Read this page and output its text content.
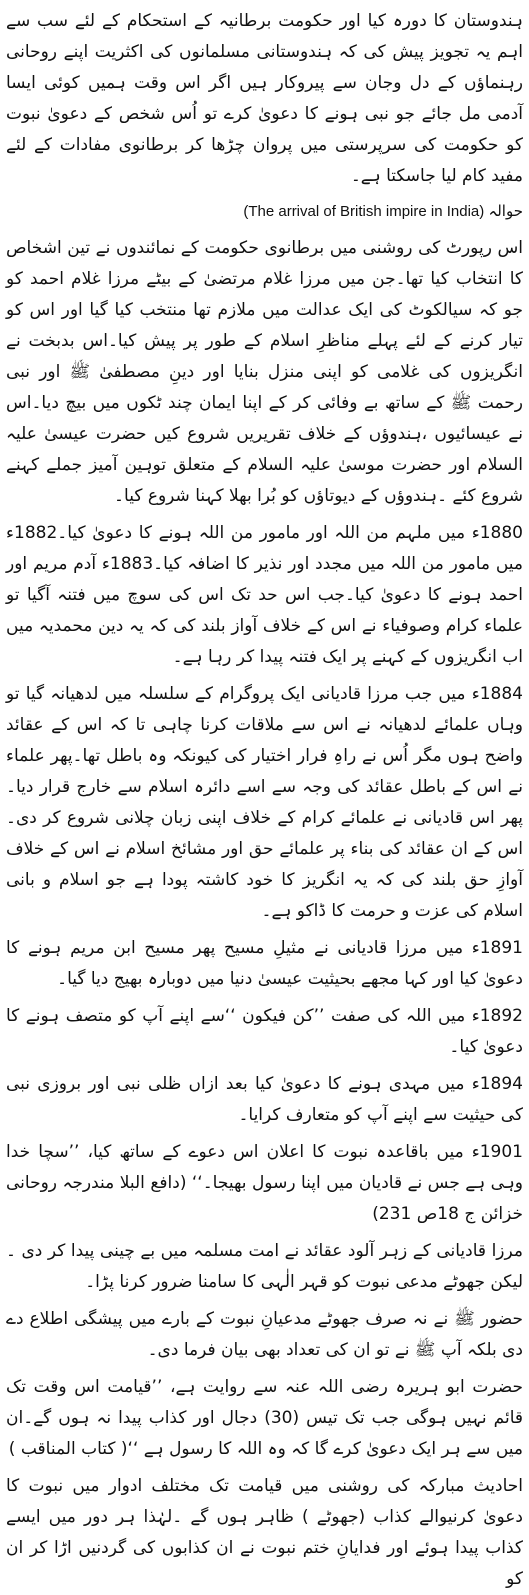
ہندوستان کا دورہ کیا اور حکومت برطانیہ کے استحکام کے لئے سب سے اہم یہ تجویز پیش کی کہ ہندوستانی مسلمانوں کی اکثریت اپنے روحانی رہنماؤں کے دل وجان سے پیروکار ہیں اگر اس وقت ہمیں کوئی ایسا آدمی مل جائے جو نبی ہونے کا دعویٰ کرے تو اُس شخص کے دعویٰ نبوت کو حکومت کی سرپرستی میں پروان چڑھا کر برطانوی مفادات کے لئے مفید کام لیا جاسکتا ہے۔

(The arrival of British impire in India) حوالہ

اس رپورٹ کی روشنی میں برطانوی حکومت کے نمائندوں نے تین اشخاص کا انتخاب کیا تھا۔جن میں مرزا غلام مرتضیٰ کے بیٹے مرزا غلام احمد کو جو کہ سیالکوٹ کی ایک عدالت میں ملازم تھا منتخب کیا گیا اور اس کو تیار کرنے کے لئے پہلے مناظرِ اسلام کے طور پر پیش کیا۔اس بدبخت نے انگریزوں کی غلامی کو اپنی منزل بنایا اور دینِ مصطفیٰ ﷺ اور نبی رحمت ﷺ کے ساتھ بے وفائی کر کے اپنا ایمان چند ٹکوں میں بیچ دیا۔اس نے عیسائیوں ،ہندوؤں کے خلاف تقریریں شروع کیں حضرت عیسیٰ علیہ السلام اور حضرت موسیٰ علیہ السلام کے متعلق توہین آمیز جملے کہنے شروع کئے ۔ہندوؤں کے دیوتاؤں کو بُرا بھلا کہنا شروع کیا۔

1880ء میں ملہم من اللہ اور مامور من اللہ ہونے کا دعویٰ کیا۔1882ء میں مامور من اللہ میں مجدد اور نذیر کا اضافہ کیا۔1883ء آدم مریم اور احمد ہونے کا دعویٰ کیا۔جب اس حد تک اس کی سوچ میں فتنہ آگیا تو علماء کرام وصوفیاء نے اس کے خلاف آواز بلند کی کہ یہ دین محمدیہ میں اب انگریزوں کے کہنے پر ایک فتنہ پیدا کر رہا ہے۔

1884ء میں جب مرزا قادیانی ایک پروگرام کے سلسلہ میں لدھیانہ گیا تو وہاں علمائے لدھیانہ نے اس سے ملاقات کرنا چاہی تا کہ اس کے عقائد واضح ہوں مگر اُس نے راہِ فرار اختیار کی کیونکہ وہ باطل تھا۔پھر علماء نے اس کے باطل عقائد کی وجہ سے اسے دائرہ اسلام سے خارج قرار دیا۔پھر اس قادیانی نے علمائے کرام کے خلاف اپنی زبان چلانی شروع کر دی۔اس کے ان عقائد کی بناء پر علمائے حق اور مشائخ اسلام نے اس کے خلاف آوازِ حق بلند کی کہ یہ انگریز کا خود کاشتہ پودا ہے جو اسلام و بانی اسلام کی عزت و حرمت کا ڈاکو ہے۔

1891ء میں مرزا قادیانی نے مثیلِ مسیح پھر مسیح ابن مریم ہونے کا دعویٰ کیا اور کہا مجھے بحیثیت عیسیٰ دنیا میں دوبارہ بھیج دیا گیا۔

1892ء میں اللہ کی صفت ’’کن فیکون ‘‘سے اپنے آپ کو متصف ہونے کا دعویٰ کیا۔

1894ء میں مہدی ہونے کا دعویٰ کیا بعد ازاں ظلی نبی اور بروزی نبی کی حیثیت سے اپنے آپ کو متعارف کرایا۔

1901ء میں باقاعدہ نبوت کا اعلان اس دعوے کے ساتھ کیا، ’’سچا خدا وہی ہے جس نے قادیان میں اپنا رسول بھیجا۔‘‘ (دافع البلا مندرجہ روحانی خزائن ج 18ص 231)

مرزا قادیانی کے زہر آلود عقائد نے امت مسلمہ میں بے چینی پیدا کر دی ۔لیکن جھوٹے مدعی نبوت کو قہر الٰہی کا سامنا ضرور کرنا پڑا۔

حضور ﷺ نے نہ صرف جھوٹے مدعیانِ نبوت کے بارے میں پیشگی اطلاع دے دی بلکہ آپ ﷺ نے تو ان کی تعداد بھی بیان فرما دی۔

حضرت ابو ہریرہ رضی اللہ عنہ سے روایت ہے، ’’قیامت اس وقت تک قائم نہیں ہوگی جب تک تیس (30) دجال اور کذاب پیدا نہ ہوں گے۔ان میں سے ہر ایک دعویٰ کرے گا کہ وہ اللہ کا رسول ہے ‘‘( کتاب المناقب )

احادیث مبارکہ کی روشنی میں قیامت تک مختلف ادوار میں نبوت کا دعویٰ کرنیوالے کذاب (جھوٹے ) ظاہر ہوں گے ۔لہٰذا ہر دور میں ایسے کذاب پیدا ہوئے اور فدایانِ ختم نبوت نے ان کذابوں کی گردنیں اڑا کر ان کو
